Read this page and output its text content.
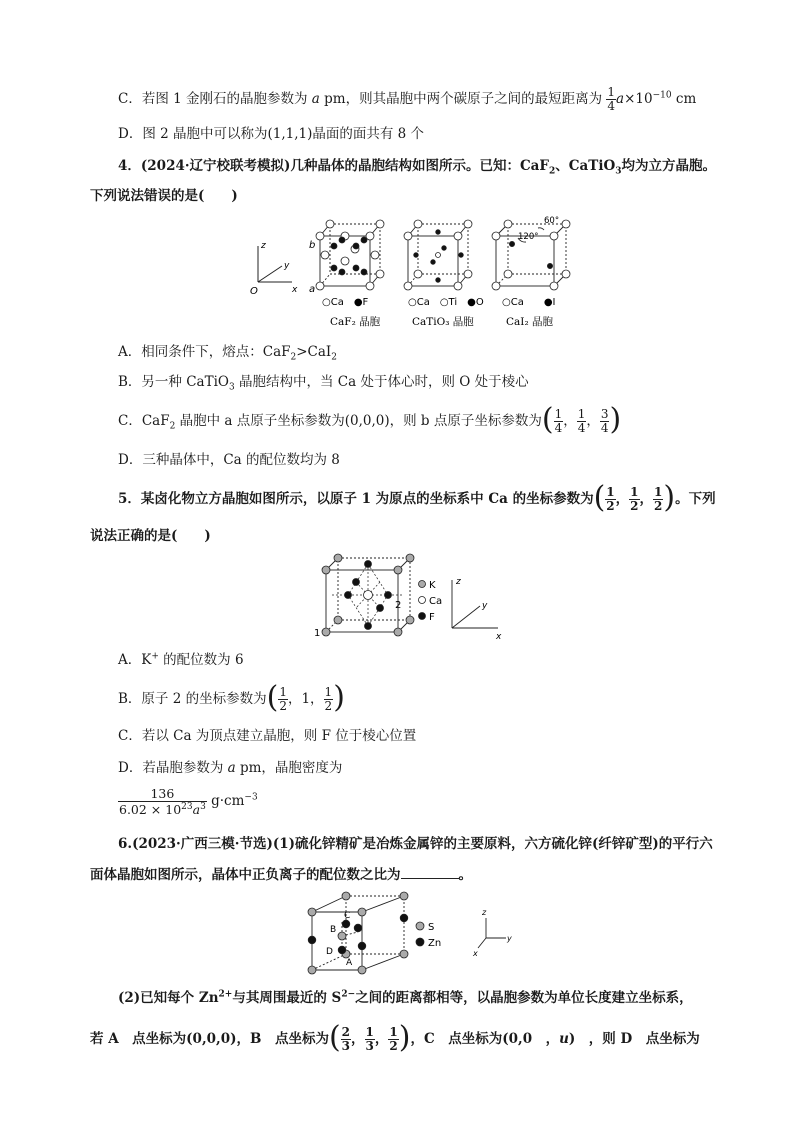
C．若图 1 金刚石的晶胞参数为 a pm，则其晶胞中两个碳原子之间的最短距离为 $\frac{1}{4} a\times 10^{-10}$ cm
D．图 2 晶胞中可以称为(1,1,1)晶面的面共有 8 个
4．(2024·辽宁校联考模拟)几种晶体的晶胞结构如图所示。已知：CaF$_2$、CaTiO$_3$均为立方晶胞。
下列说法错误的是(　　)
z
y
x
O
b
a
60°
120°
○Ca　●F	○Ca　○Ti　●O ○Ca　　●I
CaF₂ 晶胞	CaTiO₃ 晶胞	CaI₂ 晶胞
A．相同条件下，熔点：CaF$_2$>CaI$_2$
B．另一种 CaTiO$_3$ 晶胞结构中，当 Ca 处于体心时，则 O 处于棱心
C．CaF$_2$ 晶胞中 a 点原子坐标参数为(0,0,0)，则 b 点原子坐标参数为( $\frac{1}{4}$ ， $\frac{1}{4}$ ， $\frac{3}{4}$ )
D．三种晶体中，Ca 的配位数均为 8
5．某卤化物立方晶胞如图所示，以原子 1 为原点的坐标系中 Ca 的坐标参数为( $\frac{1}{2}$ ， $\frac{1}{2}$ ， $\frac{1}{2}$ )。下列
说法正确的是(　　)
1
2
K
Ca
F
z
y
x
A．K+ 的配位数为 6
B．原子 2 的坐标参数为( $\frac{1}{2}$ ，1， $\frac{1}{2}$ )
C．若以 Ca 为顶点建立晶胞，则 F 位于棱心位置
D．若晶胞参数为 a pm，晶胞密度为
$\frac{136}{6.02 \times 10^{23}a^3} g\cdot cm^{-3}$
6.(2023·广西三模·节选)(1)硫化锌精矿是冶炼金属锌的主要原料，六方硫化锌(纤锌矿型)的平行六
面体晶胞如图所示，晶体中正负离子的配位数之比为	。
C
B
D
A
S
Zn
z
y
x
(2)已知每个 $Zn^{2+}$与其周围最近的 $S^{2-}$之间的距离都相等，以晶胞参数为单位长度建立坐标系，
若 A　点坐标为(0,0,0)，B　点坐标为( $\frac{2}{3}$ ， $\frac{1}{3}$ ， $\frac{1}{2}$ )，C　点坐标为(0,0　，u)　，则 D　点坐标为
